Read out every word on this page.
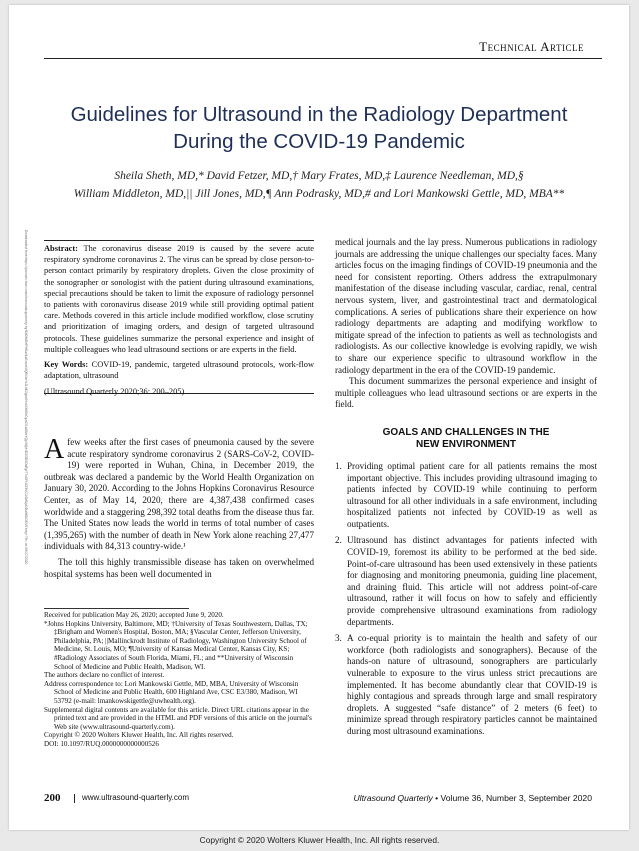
Technical Article
Guidelines for Ultrasound in the Radiology Department
During the COVID-19 Pandemic
Sheila Sheth, MD,* David Fetzer, MD,† Mary Frates, MD,‡ Laurence Needleman, MD,§
William Middleton, MD,|| Jill Jones, MD,¶ Ann Podrasky, MD,# and Lori Mankowski Gettle, MD, MBA**
Downloaded from https://journals.lww.com/ultrasound-quarterly by BhDMf5ePHKav1zEoum1tQfN4a+kJLhEZgbsIHo4XMi0hCywCX1AWnYQp/IlQrHD3i3D0OdRyi7TvSFl4Cf3VC4/OAVpDDa8KKGKV0Ymy+78= on 08/17/2020 Abstract: The coronavirus disease 2019 is caused by the severe acute respiratory syndrome coronavirus 2. The virus can be spread by close person-to-person contact primarily by respiratory droplets. Given the close proximity of the sonographer or sonologist with the patient during ultrasound examinations, special precautions should be taken to limit the exposure of radiology personnel to patients with coronavirus disease 2019 while still providing optimal patient care. Methods covered in this article include modified workflow, close scrutiny and prioritization of imaging orders, and design of targeted ultrasound protocols. These guidelines summarize the personal experience and insight of multiple colleagues who lead ultrasound sections or are experts in the field.

Key Words: COVID-19, pandemic, targeted ultrasound protocols, work-flow adaptation, ultrasound

(Ultrasound Quarterly 2020;36: 200–205)

Afew weeks after the first cases of pneumonia caused by the severe acute respiratory syndrome coronavirus 2 (SARS-CoV-2, COVID-19) were reported in Wuhan, China, in December 2019, the outbreak was declared a pandemic by the World Health Organization on January 30, 2020. According to the Johns Hopkins Coronavirus Resource Center, as of May 14, 2020, there are 4,387,438 confirmed cases worldwide and a staggering 298,392 total deaths from the disease thus far. The United States now leads the world in terms of total number of cases (1,395,265) with the number of death in New York alone reaching 27,477 individuals with 84,313 country-wide.¹

The toll this highly transmissible disease has taken on overwhelmed hospital systems has been well documented in

Received for publication May 26, 2020; accepted June 9, 2020.

*Johns Hopkins University, Baltimore, MD; †University of Texas Southwestern, Dallas, TX; ‡Brigham and Women's Hospital, Boston, MA; §Vascular Center, Jefferson University, Philadelphia, PA; ||Mallinckrodt Institute of Radiology, Washington University School of Medicine, St. Louis, MO; ¶University of Kansas Medical Center, Kansas City, KS; #Radiology Associates of South Florida, Miami, FL; and **University of Wisconsin School of Medicine and Public Health, Madison, WI.

The authors declare no conflict of interest.

Address correspondence to: Lori Mankowski Gettle, MD, MBA, University of Wisconsin School of Medicine and Public Health, 600 Highland Ave, CSC E3/380, Madison, WI 53792 (e-mail: lmankowskigettle@uwhealth.org).

Supplemental digital contents are available for this article. Direct URL citations appear in the printed text and are provided in the HTML and PDF versions of this article on the journal's Web site (www.ultrasound-quarterly.com).

Copyright © 2020 Wolters Kluwer Health, Inc. All rights reserved.

DOI: 10.1097/RUQ.0000000000000526

medical journals and the lay press. Numerous publications in radiology journals are addressing the unique challenges our specialty faces. Many articles focus on the imaging findings of COVID-19 pneumonia and the need for consistent reporting. Others address the extrapulmonary manifestation of the disease including vascular, cardiac, renal, central nervous system, liver, and gastrointestinal tract and dermatological complications. A series of publications share their experience on how radiology departments are adapting and modifying workflow to mitigate spread of the infection to patients as well as technologists and radiologists. As our collective knowledge is evolving rapidly, we wish to share our experience specific to ultrasound workflow in the radiology department in the era of the COVID-19 pandemic.

This document summarizes the personal experience and insight of multiple colleagues who lead ultrasound sections or are experts in the field.

GOALS AND CHALLENGES IN THE
NEW ENVIRONMENT
1. Providing optimal patient care for all patients remains the most important objective. This includes providing ultrasound imaging to patients infected by COVID-19 while continuing to perform ultrasound for all other individuals in a safe environment, including hospitalized patients not infected by COVID-19 as well as outpatients.
2. Ultrasound has distinct advantages for patients infected with COVID-19, foremost its ability to be performed at the bed side. Point-of-care ultrasound has been used extensively in these patients for diagnosing and monitoring pneumonia, guiding line placement, and draining fluid. This article will not address point-of-care ultrasound, rather it will focus on how to safely and efficiently provide comprehensive ultrasound examinations from radiology departments.
3. A co-equal priority is to maintain the health and safety of our workforce (both radiologists and sonographers). Because of the hands-on nature of ultrasound, sonographers are particularly vulnerable to exposure to the virus unless strict precautions are implemented. It has become abundantly clear that COVID-19 is highly contagious and spreads through large and small respiratory droplets. A suggested “safe distance” of 2 meters (6 feet) to minimize spread through respiratory particles cannot be maintained during most ultrasound examinations.
200	www.ultrasound-quarterly.com	Ultrasound Quarterly • Volume 36, Number 3, September 2020
Copyright © 2020 Wolters Kluwer Health, Inc. All rights reserved.
